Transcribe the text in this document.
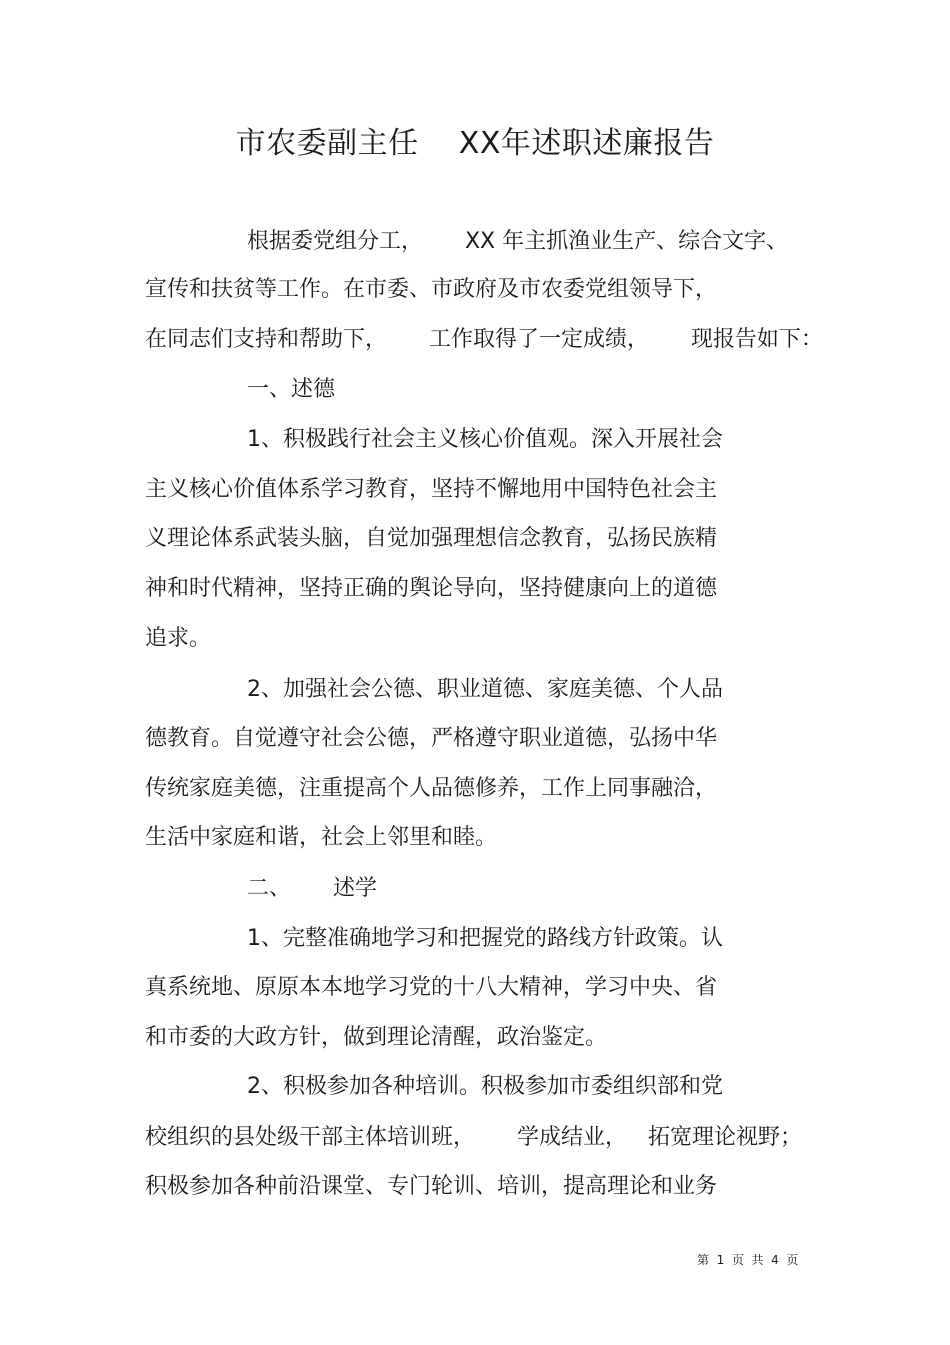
市农委副主任    XX年述职述廉报告
根据委党组分工，      XX 年主抓渔业生产、综合文字、
宣传和扶贫等工作。在市委、市政府及市农委党组领导下，
在同志们支持和帮助下，      工作取得了一定成绩，      现报告如下：
一、述德
1、积极践行社会主义核心价值观。深入开展社会
主义核心价值体系学习教育，坚持不懈地用中国特色社会主
义理论体系武装头脑，自觉加强理想信念教育，弘扬民族精
神和时代精神，坚持正确的舆论导向，坚持健康向上的道德
追求。
2、加强社会公德、职业道德、家庭美德、个人品
德教育。自觉遵守社会公德，严格遵守职业道德，弘扬中华
传统家庭美德，注重提高个人品德修养，工作上同事融洽，
生活中家庭和谐，社会上邻里和睦。
二、      述学
1、完整准确地学习和把握党的路线方针政策。认
真系统地、原原本本地学习党的十八大精神，学习中央、省
和市委的大政方针，做到理论清醒，政治鉴定。
2、积极参加各种培训。积极参加市委组织部和党
校组织的县处级干部主体培训班，      学成结业，   拓宽理论视野；
积极参加各种前沿课堂、专门轮训、培训，提高理论和业务
第  1  页  共  4  页
